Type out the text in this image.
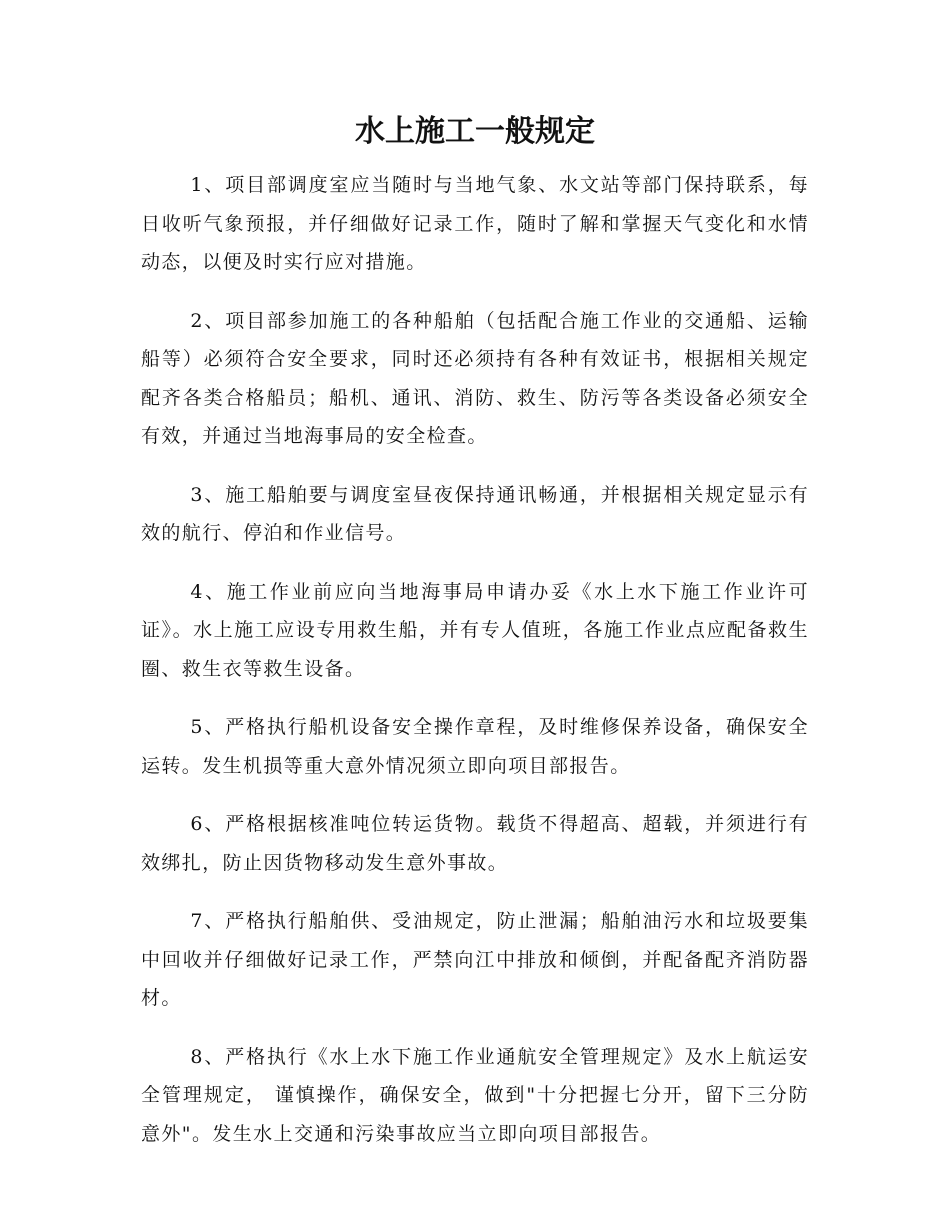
水上施工一般规定

1、项目部调度室应当随时与当地气象、水文站等部门保持联系，每日收听气象预报，并仔细做好记录工作，随时了解和掌握天气变化和水情动态，以便及时实行应对措施。

2、项目部参加施工的各种船舶（包括配合施工作业的交通船、运输船等）必须符合安全要求，同时还必须持有各种有效证书，根据相关规定配齐各类合格船员；船机、通讯、消防、救生、防污等各类设备必须安全有效，并通过当地海事局的安全检查。

3、施工船舶要与调度室昼夜保持通讯畅通，并根据相关规定显示有效的航行、停泊和作业信号。

4、施工作业前应向当地海事局申请办妥《水上水下施工作业许可证》。水上施工应设专用救生船，并有专人值班，各施工作业点应配备救生圈、救生衣等救生设备。

5、严格执行船机设备安全操作章程，及时维修保养设备，确保安全运转。发生机损等重大意外情况须立即向项目部报告。

6、严格根据核准吨位转运货物。载货不得超高、超载，并须进行有效绑扎，防止因货物移动发生意外事故。

7、严格执行船舶供、受油规定，防止泄漏；船舶油污水和垃圾要集中回收并仔细做好记录工作，严禁向江中排放和倾倒，并配备配齐消防器材。

8、严格执行《水上水下施工作业通航安全管理规定》及水上航运安全管理规定， 谨慎操作，确保安全，做到"十分把握七分开，留下三分防意外"。发生水上交通和污染事故应当立即向项目部报告。
